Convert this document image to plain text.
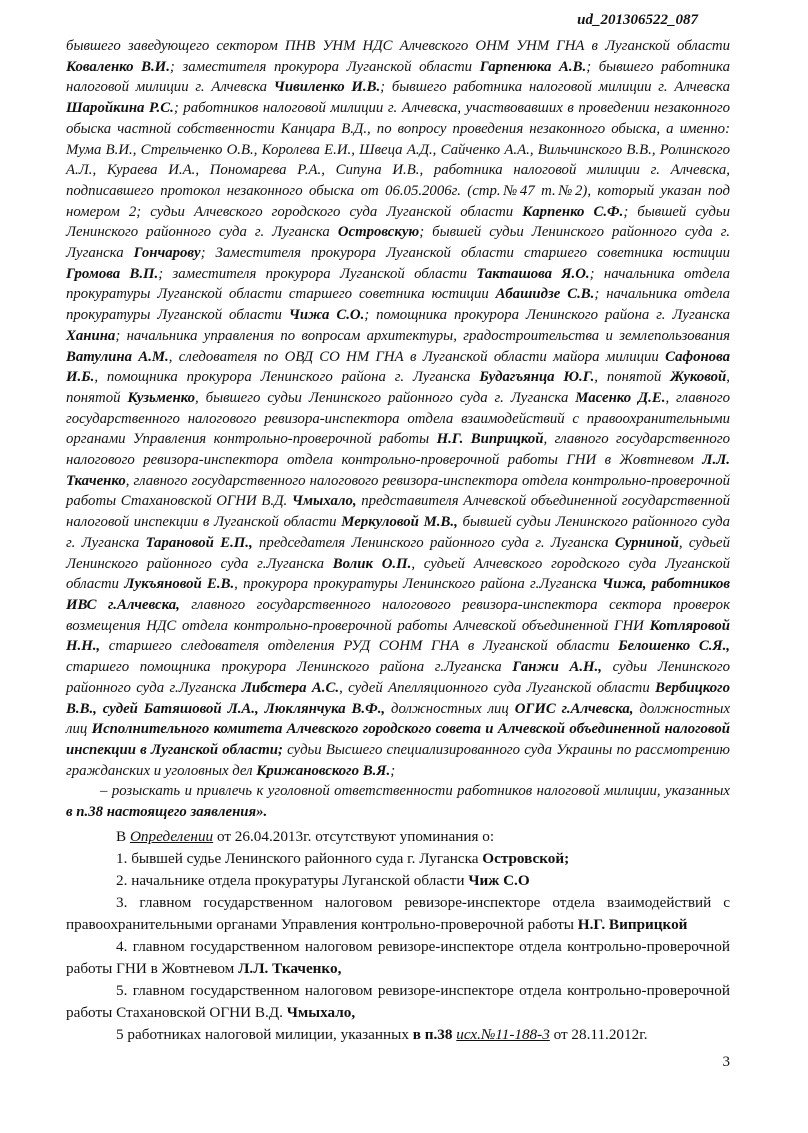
ud_201306522_087

бывшего заведующего сектором ПНВ УНМ НДС Алчевского ОНМ УНМ ГНА в Луганской области Коваленко В.И.; заместителя прокурора Луганской области Гарпенюка А.В.; бывшего работника налоговой милиции г. Алчевска Чивиленко И.В.; бывшего работника налоговой милиции г. Алчевска Шаройкина Р.С.; работников налоговой милиции г. Алчевска, участвовавших в проведении незаконного обыска частной собственности Канцара В.Д., по вопросу проведения незаконного обыска, а именно: Мума В.И., Стрельченко О.В., Королева Е.И., Швеца А.Д., Сайченко А.А., Вильчинского В.В., Ролинского А.Л., Кураева И.А., Пономарева Р.А., Сипуна И.В., работника налоговой милиции г. Алчевска, подписавшего протокол незаконного обыска от 06.05.2006г. (стр.№47 т.№2), который указан под номером 2; судьи Алчевского городского суда Луганской области Карпенко С.Ф.; бывшей судьи Ленинского районного суда г. Луганска Островскую; бывшей судьи Ленинского районного суда г. Луганска Гончарову; Заместителя прокурора Луганской области старшего советника юстиции Громова В.П.; заместителя прокурора Луганской области Такташова Я.О.; начальника отдела прокуратуры Луганской области старшего советника юстиции Абашидзе С.В.; начальника отдела прокуратуры Луганской области Чижа С.О.; помощника прокурора Ленинского района г. Луганска Ханина; начальника управления по вопросам архитектуры, градостроительства и землепользования Ватулина А.М., следователя по ОВД СО НМ ГНА в Луганской области майора милиции Сафонова И.Б., помощника прокурора Ленинского района г. Луганска Будагъянца Ю.Г., понятой Жуковой, понятой Кузьменко, бывшего судьи Ленинского районного суда г. Луганска Масенко Д.Е., главного государственного налогового ревизора-инспектора отдела взаимодействий с правоохранительными органами Управления контрольно-проверочной работы Н.Г. Виприцкой, главного государственного налогового ревизора-инспектора отдела контрольно-проверочной работы ГНИ в Жовтневом Л.Л. Ткаченко, главного государственного налогового ревизора-инспектора отдела контрольно-проверочной работы Стахановской ОГНИ В.Д. Чмыхало, представителя Алчевской объединенной государственной налоговой инспекции в Луганской области Меркуловой М.В., бывшей судьи Ленинского районного суда г. Луганска Тарановой Е.П., председателя Ленинского районного суда г. Луганска Сурниной, судьей Ленинского районного суда г.Луганска Волик О.П., судьей Алчевского городского суда Луганской области Лукъяновой Е.В., прокурора прокуратуры Ленинского района г.Луганска Чижа, работников ИВС г.Алчевска, главного государственного налогового ревизора-инспектора сектора проверок возмещения НДС отдела контрольно-проверочной работы Алчевской объединенной ГНИ Котляровой Н.Н., старшего следователя отделения РУД СОНМ ГНА в Луганской области Белошенко С.Я., старшего помощника прокурора Ленинского района г.Луганска Ганжи А.Н., судьи Ленинского районного суда г.Луганска Либстера А.С., судей Апелляционного суда Луганской области Вербицкого В.В., судей Батяшовой Л.А., Люклянчука В.Ф., должностных лиц ОГИС г.Алчевска, должностных лиц Исполнительного комитета Алчевского городского совета и Алчевской объединенной налоговой инспекции в Луганской области; судьи Высшего специализированного суда Украины по рассмотрению гражданских и уголовных дел Крижановского В.Я.;

– розыскать и привлечь к уголовной ответственности работников налоговой милиции, указанных в п.38 настоящего заявления».

В Определении от 26.04.2013г. отсутствуют упоминания о:

1. бывшей судье Ленинского районного суда г. Луганска Островской;

2. начальнике отдела прокуратуры Луганской области Чиж С.О

3. главном государственном налоговом ревизоре-инспекторе отдела взаимодействий с правоохранительными органами Управления контрольно-проверочной работы Н.Г. Виприцкой

4. главном государственном налоговом ревизоре-инспекторе отдела контрольно-проверочной работы ГНИ в Жовтневом Л.Л. Ткаченко,

5. главном государственном налоговом ревизоре-инспекторе отдела контрольно-проверочной работы Стахановской ОГНИ В.Д. Чмыхало,

5 работниках налоговой милиции, указанных в п.38 исх.№11-188-3 от 28.11.2012г.

3
